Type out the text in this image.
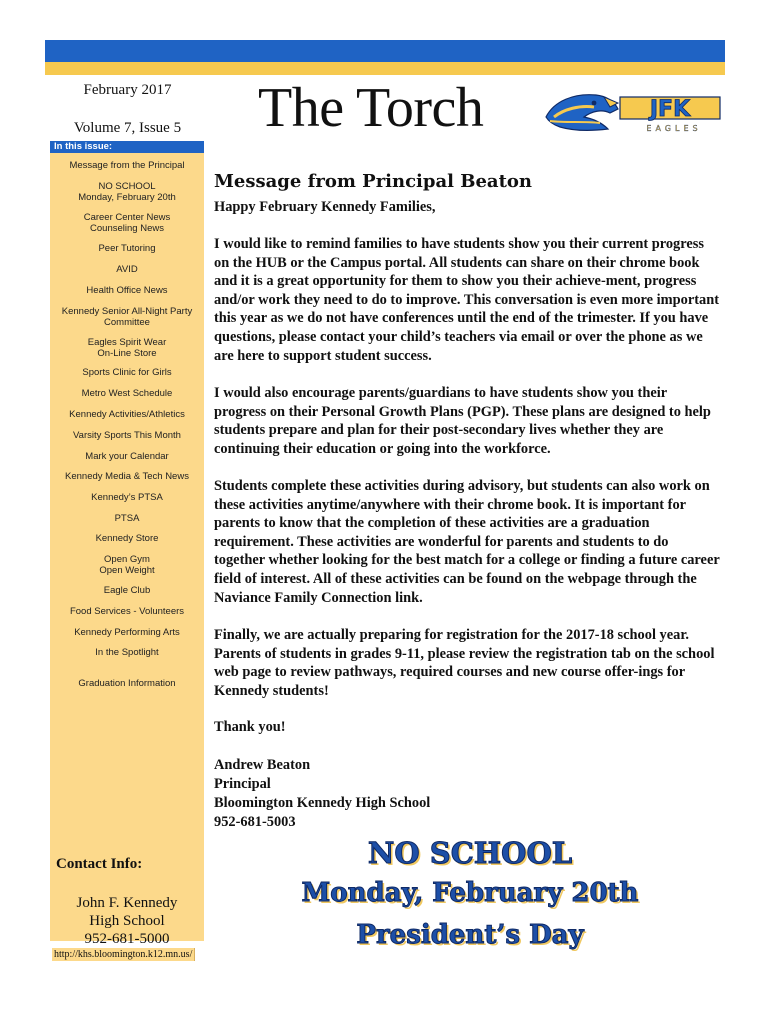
February 2017
Volume 7, Issue 5	The Torch	JFK
EAGLES
In this issue:
Message from the Principal
NO SCHOOL
Monday, February 20th
Career Center News
Counseling News
Peer Tutoring
AVID
Health Office News
Kennedy Senior All-Night Party
Committee
Eagles Spirit Wear
On-Line Store
Sports Clinic for Girls
Metro West Schedule
Kennedy Activities/Athletics
Varsity Sports This Month
Mark your Calendar
Kennedy Media & Tech News
Kennedy’s PTSA
PTSA
Kennedy Store
Open Gym
Open Weight
Eagle Club
Food Services - Volunteers
Kennedy Performing Arts
In the Spotlight
Graduation Information
Contact Info:
John F. Kennedy
High School
952-681-5000
http://khs.bloomington.k12.mn.us/
Message from Principal Beaton

Happy February Kennedy Families,

I would like to remind families to have students show you their current progress on the HUB or the Campus portal. All students can share on their chrome book and it is a great opportunity for them to show you their achieve-ment, progress and/or work they need to do to improve. This conversation is even more important this year as we do not have conferences until the end of the trimester. If you have questions, please contact your child’s teachers via email or over the phone as we are here to support student success.

I would also encourage parents/guardians to have students show you their progress on their Personal Growth Plans (PGP). These plans are designed to help students prepare and plan for their post-secondary lives whether they are continuing their education or going into the workforce.

Students complete these activities during advisory, but students can also work on these activities anytime/anywhere with their chrome book. It is important for parents to know that the completion of these activities are a graduation requirement. These activities are wonderful for parents and students to do together whether looking for the best match for a college or finding a future career field of interest. All of these activities can be found on the webpage through the Naviance Family Connection link.

Finally, we are actually preparing for registration for the 2017-18 school year. Parents of students in grades 9-11, please review the registration tab on the school web page to review pathways, required courses and new course offer-ings for Kennedy students!

Thank you!

Andrew Beaton

Principal

Bloomington Kennedy High School

952-681-5003

NO SCHOOL
Monday, February 20th
President’s Day
